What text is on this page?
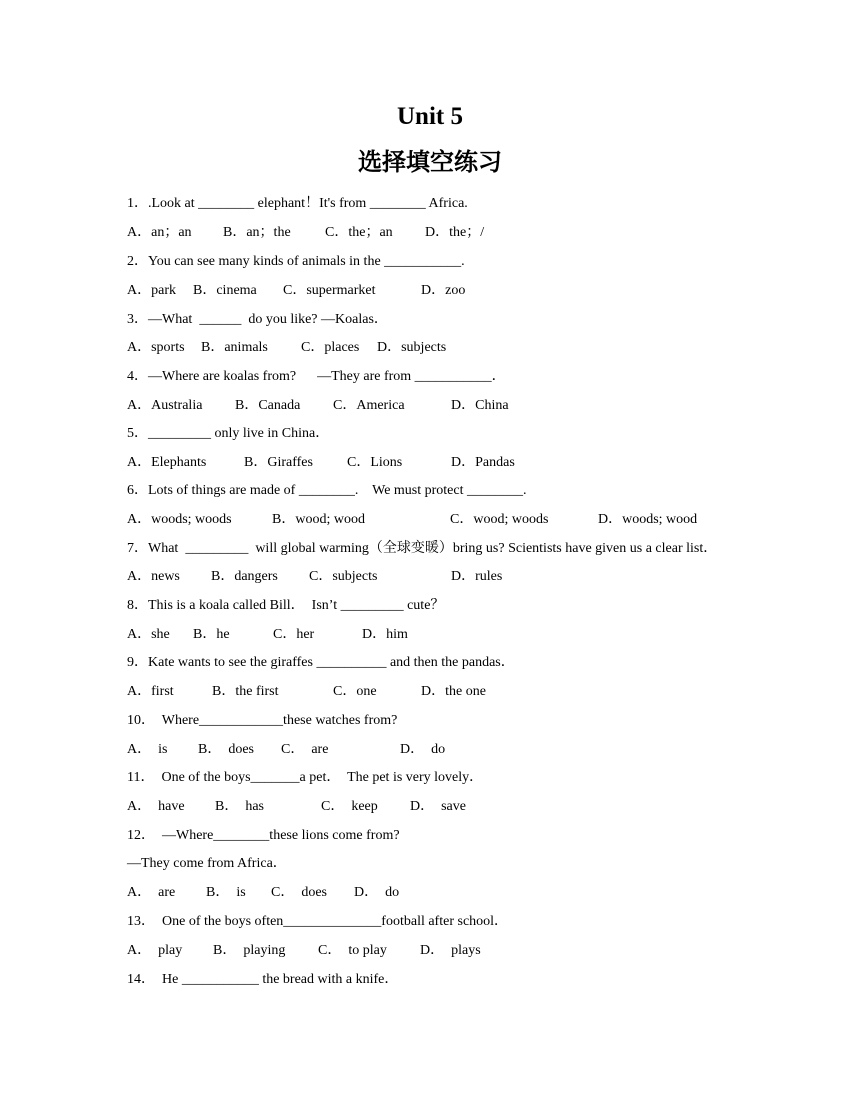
Unit 5
选择填空练习
1．.Look at ________ elephant！It's from ________ Africa.
A．an；an B．an；the C．the；an D．the；/
2．You can see many kinds of animals in the ___________.
A．park B．cinema C．supermarket	D．zoo
3．—What  ______  do you like? —Koalas．
A．sports B．animals C．places D．subjects
4．—Where are koalas from?      —They are from ___________．
A．Australia B．Canada C．America	D．China
5．_________ only live in China．
A．Elephants	B．Giraffes C．Lions	D．Pandas
6．Lots of things are made of ________.    We must protect ________.
A．woods; woods	B．wood; wood	C．wood; woods	D．woods; wood
7．What  _________  will global warming（全球变暖）bring us? Scientists have given us a clear list．
A．news B．dangers C．subjects	D．rules
8．This is a koala called Bill．  Isn’t _________ cute？
A．she B．he	C．her	D．him
9．Kate wants to see the giraffes __________ and then the pandas．
A．first	B．the first	C．one	D．the one
10．  Where____________these watches from?
A．  is B．  does C．  are	D．  do
11．  One of the boys_______a pet．  The pet is very lovely．
A．  have B．  has	C．  keep D．  save
12．  —Where________these lions come from?
—They come from Africa．
A．  are B．  is C．  does D．  do
13．  One of the boys often______________football after school．
A．  play B．  playing C．  to play D．  plays
14．  He ___________ the bread with a knife．
